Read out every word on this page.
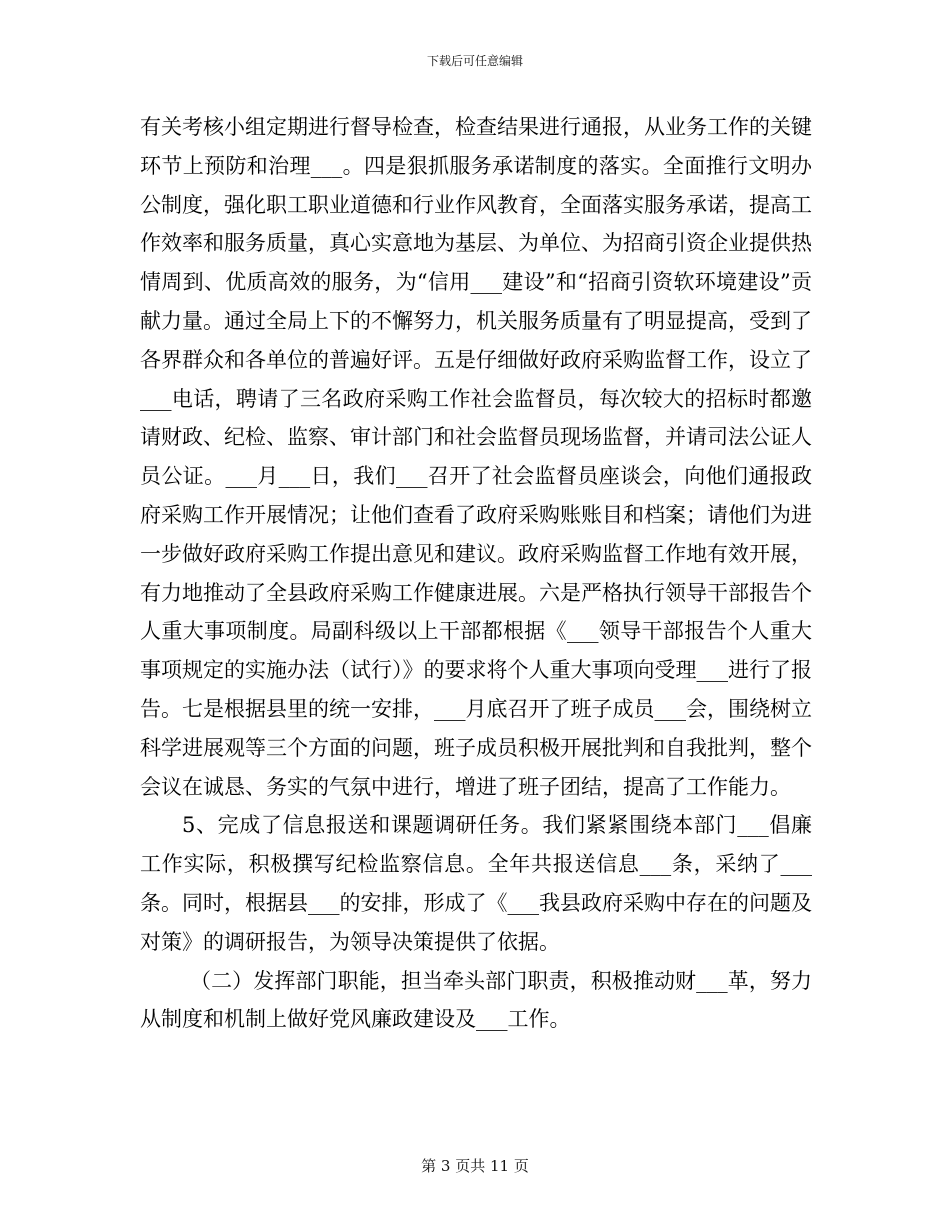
下载后可任意编辑

有关考核小组定期进行督导检查，检查结果进行通报，从业务工作的关键环节上预防和治理___。四是狠抓服务承诺制度的落实。全面推行文明办公制度，强化职工职业道德和行业作风教育，全面落实服务承诺，提高工作效率和服务质量，真心实意地为基层、为单位、为招商引资企业提供热情周到、优质高效的服务，为“信用___建设”和“招商引资软环境建设”贡献力量。通过全局上下的不懈努力，机关服务质量有了明显提高，受到了各界群众和各单位的普遍好评。五是仔细做好政府采购监督工作，设立了___电话，聘请了三名政府采购工作社会监督员，每次较大的招标时都邀请财政、纪检、监察、审计部门和社会监督员现场监督，并请司法公证人员公证。___月___日，我们___召开了社会监督员座谈会，向他们通报政府采购工作开展情况；让他们查看了政府采购账账目和档案；请他们为进一步做好政府采购工作提出意见和建议。政府采购监督工作地有效开展，有力地推动了全县政府采购工作健康进展。六是严格执行领导干部报告个人重大事项制度。局副科级以上干部都根据《___领导干部报告个人重大事项规定的实施办法（试行）》的要求将个人重大事项向受理___进行了报告。七是根据县里的统一安排，___月底召开了班子成员___会，围绕树立科学进展观等三个方面的问题，班子成员积极开展批判和自我批判，整个会议在诚恳、务实的气氛中进行，增进了班子团结，提高了工作能力。

5、完成了信息报送和课题调研任务。我们紧紧围绕本部门___倡廉工作实际，积极撰写纪检监察信息。全年共报送信息___条，采纳了___条。同时，根据县___的安排，形成了《___我县政府采购中存在的问题及对策》的调研报告，为领导决策提供了依据。

（二）发挥部门职能，担当牵头部门职责，积极推动财___革，努力从制度和机制上做好党风廉政建设及___工作。

第 3 页共 11 页
